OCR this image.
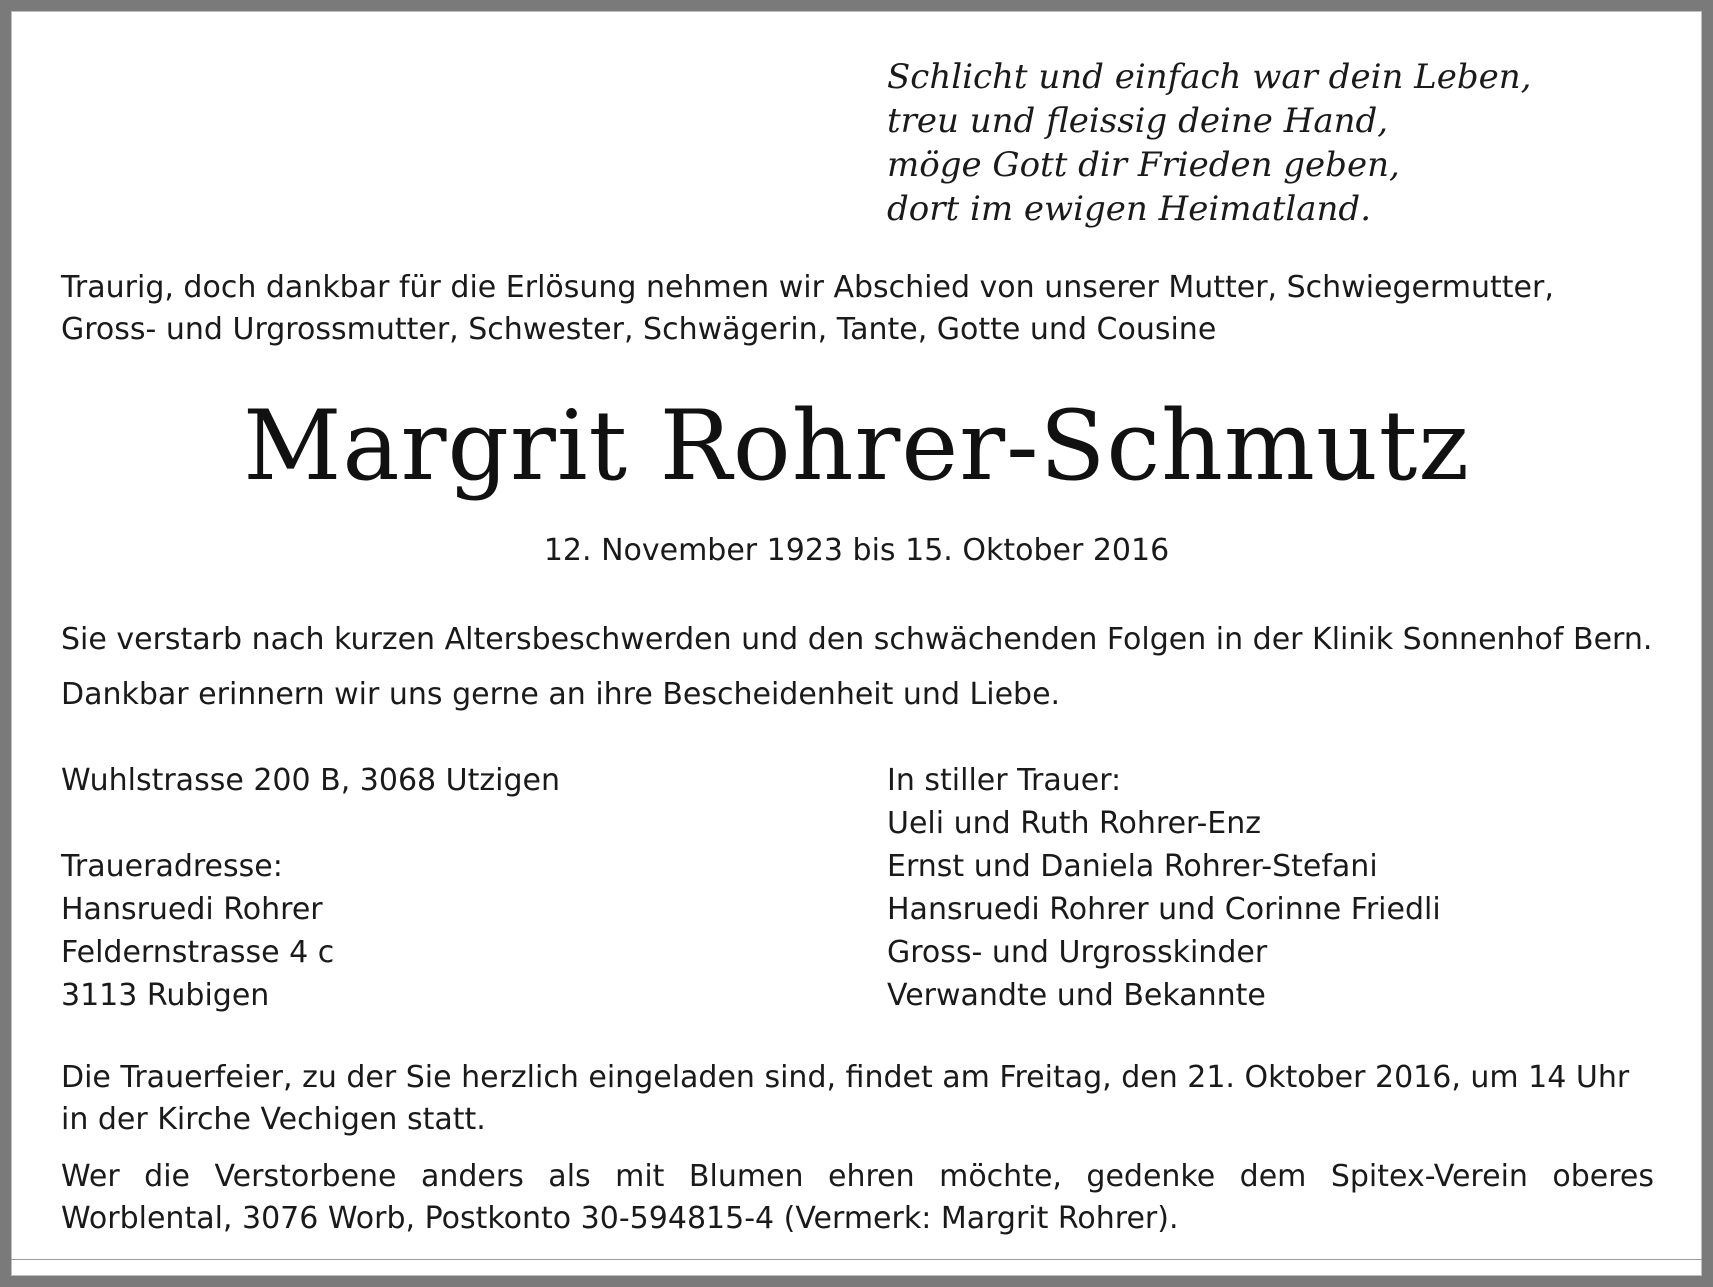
Schlicht und einfach war dein Leben,
treu und fleissig deine Hand,
möge Gott dir Frieden geben,
dort im ewigen Heimatland.
Traurig, doch dankbar für die Erlösung nehmen wir Abschied von unserer Mutter, Schwiegermutter, Gross- und Urgrossmutter, Schwester, Schwägerin, Tante, Gotte und Cousine
Margrit Rohrer-Schmutz
12. November 1923 bis 15. Oktober 2016
Sie verstarb nach kurzen Altersbeschwerden und den schwächenden Folgen in der Klinik Sonnenhof Bern.
Dankbar erinnern wir uns gerne an ihre Bescheidenheit und Liebe.
Wuhlstrasse 200 B, 3068 Utzigen
Traueradresse:
Hansruedi Rohrer
Feldernstrasse 4 c
3113 Rubigen
In stiller Trauer:
Ueli und Ruth Rohrer-Enz
Ernst und Daniela Rohrer-Stefani
Hansruedi Rohrer und Corinne Friedli
Gross- und Urgrosskinder
Verwandte und Bekannte
Die Trauerfeier, zu der Sie herzlich eingeladen sind, findet am Freitag, den 21. Oktober 2016, um 14 Uhr in der Kirche Vechigen statt.
Wer die Verstorbene anders als mit Blumen ehren möchte, gedenke dem Spitex-Verein oberes Worblental, 3076 Worb, Postkonto 30-594815-4 (Vermerk: Margrit Rohrer).
